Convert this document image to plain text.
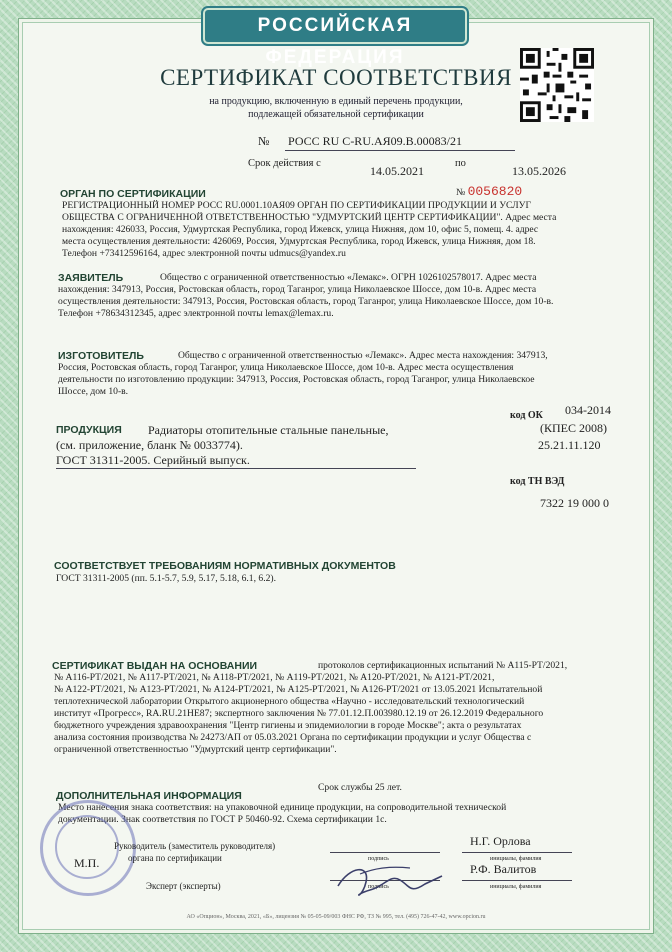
РОССИЙСКАЯ ФЕДЕРАЦИЯ
СЕРТИФИКАТ СООТВЕТСТВИЯ
на продукцию, включенную в единый перечень продукции,
подлежащей обязательной сертификации
№ РОСС RU С-RU.АЯ09.В.00083/21
Срок действия с
14.05.2021
по
13.05.2026
ОРГАН ПО СЕРТИФИКАЦИИ	№ 0056820
РЕГИСТРАЦИОННЫЙ НОМЕР РОСС RU.0001.10АЯ09 ОРГАН ПО СЕРТИФИКАЦИИ ПРОДУКЦИИ И УСЛУГ
ОБЩЕСТВА С ОГРАНИЧЕННОЙ ОТВЕТСТВЕННОСТЬЮ "УДМУРТСКИЙ ЦЕНТР СЕРТИФИКАЦИИ". Адрес места
нахождения: 426033, Россия, Удмуртская Республика, город Ижевск, улица Нижняя, дом 10, офис 5, помещ. 4. адрес
места осуществления деятельности: 426069, Россия, Удмуртская Республика, город Ижевск, улица Нижняя, дом 18.
Телефон +73412596164, адрес электронной почты udmucs@yandex.ru
ЗАЯВИТЕЛЬ	Общество с ограниченной ответственностью «Лемакс». ОГРН 1026102578017. Адрес места
нахождения: 347913, Россия, Ростовская область, город Таганрог, улица Николаевское Шоссе, дом 10-в. Адрес места
осуществления деятельности: 347913, Россия, Ростовская область, город Таганрог, улица Николаевское Шоссе, дом 10-в.
Телефон +78634312345, адрес электронной почты lemax@lemax.ru.
ИЗГОТОВИТЕЛЬ	Общество с ограниченной ответственностью «Лемакс». Адрес места нахождения: 347913,
Россия, Ростовская область, город Таганрог, улица Николаевское Шоссе, дом 10-в. Адрес места осуществления
деятельности по изготовлению продукции: 347913, Россия, Ростовская область, город Таганрог, улица Николаевское
Шоссе, дом 10-в.
ПРОДУКЦИЯ Радиаторы отопительные стальные панельные,
(см. приложение, бланк № 0033774).
ГОСТ 31311-2005. Серийный выпуск.
код ОК 034-2014
(КПЕС 2008)
25.21.11.120
код ТН ВЭД
7322 19 000 0
СООТВЕТСТВУЕТ ТРЕБОВАНИЯМ НОРМАТИВНЫХ ДОКУМЕНТОВ
ГОСТ 31311-2005 (пп. 5.1-5.7, 5.9, 5.17, 5.18, 6.1, 6.2).
СЕРТИФИКАТ ВЫДАН НА ОСНОВАНИИ	протоколов сертификационных испытаний № А115-РТ/2021,
№ А116-РТ/2021, № А117-РТ/2021, № А118-РТ/2021, № А119-РТ/2021, № А120-РТ/2021, № А121-РТ/2021,
№ А122-РТ/2021, № А123-РТ/2021, № А124-РТ/2021, № А125-РТ/2021, № А126-РТ/2021 от 13.05.2021 Испытательной
теплотехнической лаборатории Открытого акционерного общества «Научно - исследовательский технологический
институт «Прогресс», RA.RU.21НЕ87; экспертного заключения № 77.01.12.П.003980.12.19 от 26.12.2019 Федерального
бюджетного учреждения здравоохранения "Центр гигиены и эпидемиологии в городе Москве"; акта о результатах
анализа состояния производства № 24273/АП от 05.03.2021 Органа по сертификации продукции и услуг Общества с
ограниченной ответственностью "Удмуртский центр сертификации".
Срок службы 25 лет.
ДОПОЛНИТЕЛЬНАЯ ИНФОРМАЦИЯ
Место нанесения знака соответствия: на упаковочной единице продукции, на сопроводительной технической
документации. Знак соответствия по ГОСТ Р 50460-92. Схема сертификации 1с.
Руководитель (заместитель руководителя)
органа по сертификации
М.П.
Эксперт (эксперты)
подпись
Н.Г. Орлова
инициалы, фамилия
подпись
Р.Ф. Валитов
инициалы, фамилия
АО «Опцион», Москва, 2021, «Б», лицензия № 05-05-09/003 ФНС РФ, ТЗ № 995, тел. (495) 726-47-42, www.opcion.ru
